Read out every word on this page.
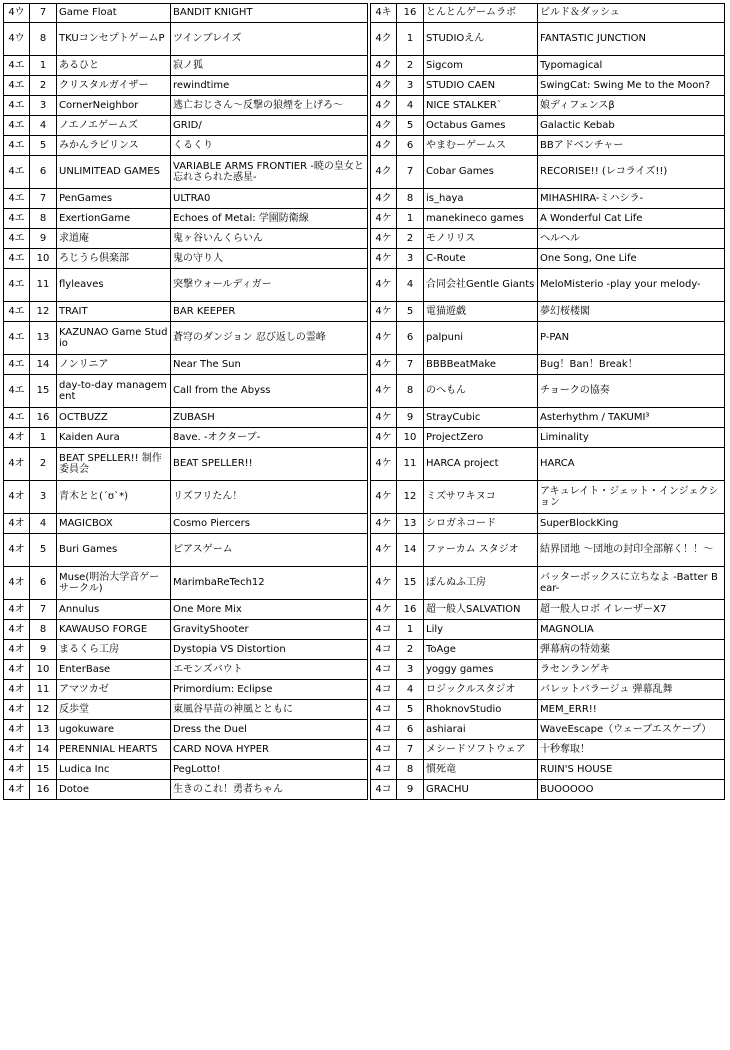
4ウ	7	Game Float	BANDIT KNIGHT		4キ	16	とんとんゲームラボ	ビルド＆ダッシュ
4ウ	8	TKUコンセプトゲームP	ツインブレイズ		4ク	1	STUDIOえん	FANTASTIC JUNCTION
4エ	1	あるひと	寂ノ狐		4ク	2	Sigcom	Typomagical
4エ	2	クリスタルガイザー	rewindtime		4ク	3	STUDIO CAEN	SwingCat: Swing Me to the Moon?
4エ	3	CornerNeighbor	逃亡おじさん〜反撃の狼煙を上げろ〜		4ク	4	NICE STALKER`	娘ディフェンスβ
4エ	4	ノエノエゲームズ	GRID/		4ク	5	Octabus Games	Galactic Kebab
4エ	5	みかんラビリンス	くるくり		4ク	6	やまむーゲームス	BBアドベンチャー
4エ	6	UNLIMITEAD GAMES	VARIABLE ARMS FRONTIER -暁の皇女と忘れさられた惑星-		4ク	7	Cobar Games	RECORISE!! (レコライズ!!)
4エ	7	PenGames	ULTRA0		4ク	8	is_haya	MIHASHIRA-ミハシラ-
4エ	8	ExertionGame	Echoes of Metal: 学園防衛線		4ケ	1	manekineco games	A Wonderful Cat Life
4エ	9	求道庵	鬼ヶ谷いんくらいん		4ケ	2	モノリリス	ヘルヘル
4エ	10	ろじうら倶楽部	鬼の守り人		4ケ	3	C-Route	One Song, One Life
4エ	11	flyleaves	突撃ウォールディガー		4ケ	4	合同会社Gentle Giants	MeloMisterio -play your melody-
4エ	12	TRAIT	BAR KEEPER		4ケ	5	電猫遊戯	夢幻桜楼閣
4エ	13	KAZUNAO Game Studio	蒼穹のダンジョン 忍び返しの霊峰		4ケ	6	palpuni	P-PAN
4エ	14	ノンリニア	Near The Sun		4ケ	7	BBBBeatMake	Bug！Ban！Break！
4エ	15	day-to-day management	Call from the Abyss		4ケ	8	のへもん	チョークの協奏
4エ	16	OCTBUZZ	ZUBASH		4ケ	9	StrayCubic	Asterhythm / TAKUMI³
4オ	1	Kaiden Aura	8ave. -オクターブ-		4ケ	10	ProjectZero	Liminality
4オ	2	BEAT SPELLER!! 制作委員会	BEAT SPELLER!!		4ケ	11	HARCA project	HARCA
4オ	3	青木とと(´ʊ`*)	リズフリたん！		4ケ	12	ミズサワキヌコ	アキュレイト・ジェット・インジェクション
4オ	4	MAGICBOX	Cosmo Piercers		4ケ	13	シロガネコード	SuperBlockKing
4オ	5	Buri Games	ピアスゲーム		4ケ	14	ファーカム スタジオ	結界団地 〜団地の封印全部解く！！〜
4オ	6	Muse(明治大学音ゲーサークル)	MarimbaReTech12		4ケ	15	ぽんぬふ工房	バッターボックスに立ちなよ -Batter Bear-
4オ	7	Annulus	One More Mix		4ケ	16	超一般人SALVATION	超一般人ロボ イレーザーX7
4オ	8	KAWAUSO FORGE	GravityShooter		4コ	1	Lily	MAGNOLIA
4オ	9	まるくら工房	Dystopia VS Distortion		4コ	2	ToAge	弾幕病の特効薬
4オ	10	EnterBase	エモンズバウト		4コ	3	yoggy games	ラセンランゲキ
4オ	11	アマツカゼ	Primordium: Eclipse		4コ	4	ロジックルスタジオ	バレットバラージュ 弾幕乱舞
4オ	12	反歩堂	東風谷早苗の神風とともに		4コ	5	RhoknovStudio	MEM_ERR!!
4オ	13	ugokuware	Dress the Duel		4コ	6	ashiarai	WaveEscape（ウェーブエスケープ）
4オ	14	PERENNIAL HEARTS	CARD NOVA HYPER		4コ	7	メシードソフトウェア	十秒奪取！
4オ	15	Ludica Inc	PegLotto!		4コ	8	慣死竜	RUIN'S HOUSE
4オ	16	Dotoe	生きのこれ！勇者ちゃん		4コ	9	GRACHU	BUOOOOO
